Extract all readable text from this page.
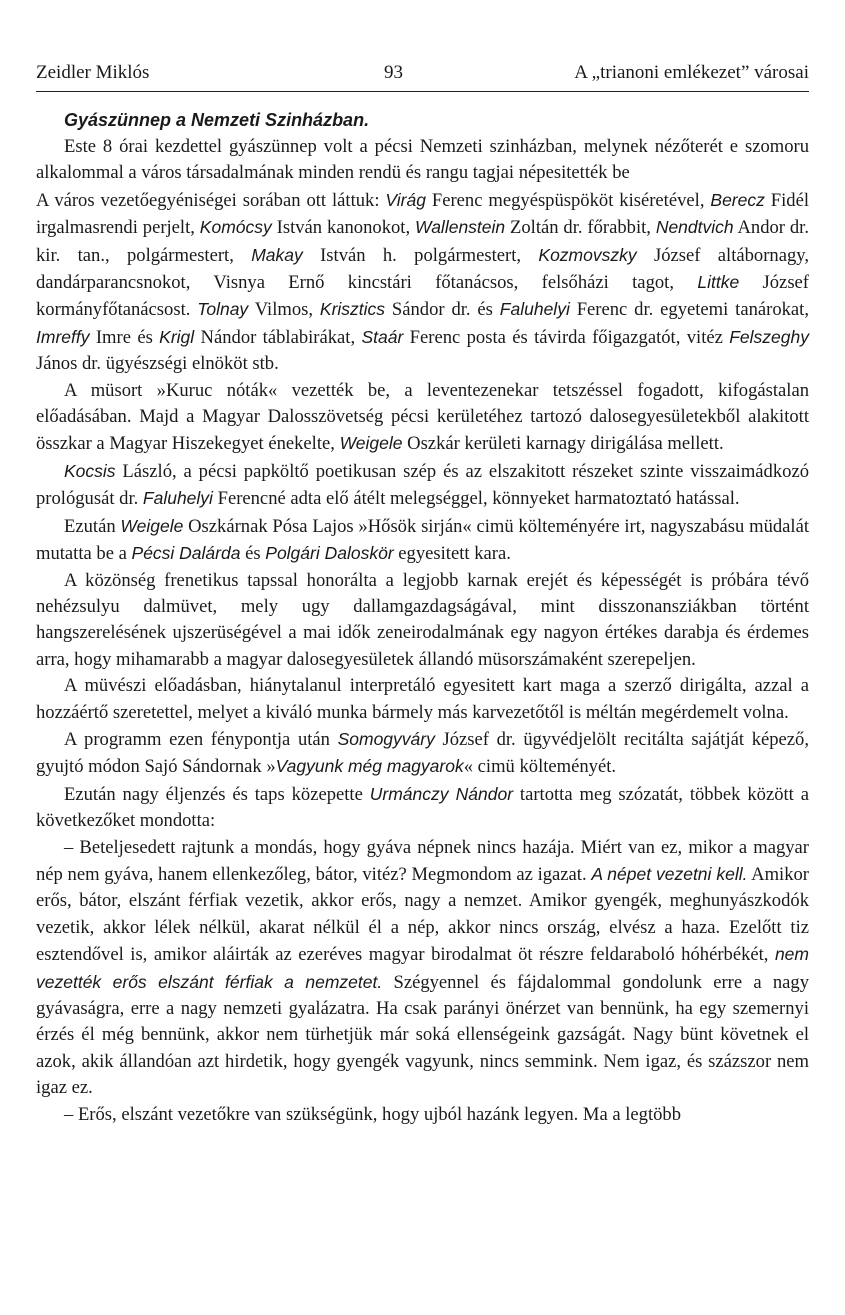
Zeidler Miklós	93	A „trianoni emlékezet” városai
Gyászünnep a Nemzeti Szinházban.

Este 8 órai kezdettel gyászünnep volt a pécsi Nemzeti szinházban, melynek nézőterét e szomoru alkalommal a város társadalmának minden rendü és rangu tagjai népesitették be

A város vezetőegyéniségei sorában ott láttuk: Virág Ferenc megyéspüspököt kiséretével, Berecz Fidél irgalmasrendi perjelt, Komócsy István kanonokot, Wallenstein Zoltán dr. főrabbit, Nendtvich Andor dr. kir. tan., polgármestert, Makay István h. polgármestert, Kozmovszky József altábornagy, dandárparancsnokot, Visnya Ernő kincstári főtanácsos, felsőházi tagot, Littke József kormányfőtanácsost. Tolnay Vilmos, Krisztics Sándor dr. és Faluhelyi Ferenc dr. egyetemi tanárokat, Imreffy Imre és Krigl Nándor táblabirákat, Staár Ferenc posta és távirda főigazgatót, vitéz Felszeghy János dr. ügyészségi elnököt stb.

A müsort »Kuruc nóták« vezették be, a leventezenekar tetszéssel fogadott, kifogástalan előadásában. Majd a Magyar Dalosszövetség pécsi kerületéhez tartozó dalosegyesületekből alakitott összkar a Magyar Hiszekegyet énekelte, Weigele Oszkár kerületi karnagy dirigálása mellett.

Kocsis László, a pécsi papköltő poetikusan szép és az elszakitott részeket szinte visszaimádkozó prológusát dr. Faluhelyi Ferencné adta elő átélt melegséggel, könnyeket harmatoztató hatással.

Ezután Weigele Oszkárnak Pósa Lajos »Hősök sirján« cimü költeményére irt, nagyszabásu müdalát mutatta be a Pécsi Dalárda és Polgári Daloskör egyesitett kara.

A közönség frenetikus tapssal honorálta a legjobb karnak erejét és képességét is próbára tévő nehézsulyu dalmüvet, mely ugy dallamgazdagságával, mint disszonansziákban történt hangszerelésének ujszerüségével a mai idők zeneirodalmának egy nagyon értékes darabja és érdemes arra, hogy mihamarabb a magyar dalosegyesületek állandó müsorszámaként szerepeljen.

A müvészi előadásban, hiánytalanul interpretáló egyesitett kart maga a szerző dirigálta, azzal a hozzáértő szeretettel, melyet a kiváló munka bármely más karvezetőtől is méltán megérdemelt volna.

A programm ezen fénypontja után Somogyváry József dr. ügyvédjelölt recitálta sajátját képező, gyujtó módon Sajó Sándornak »Vagyunk még magyarok« cimü költeményét.

Ezután nagy éljenzés és taps közepette Urmánczy Nándor tartotta meg szózatát, többek között a következőket mondotta:

– Beteljesedett rajtunk a mondás, hogy gyáva népnek nincs hazája. Miért van ez, mikor a magyar nép nem gyáva, hanem ellenkezőleg, bátor, vitéz? Megmondom az igazat. A népet vezetni kell. Amikor erős, bátor, elszánt férfiak vezetik, akkor erős, nagy a nemzet. Amikor gyengék, meghunyászkodók vezetik, akkor lélek nélkül, akarat nélkül él a nép, akkor nincs ország, elvész a haza. Ezelőtt tiz esztendővel is, amikor aláirták az ezeréves magyar birodalmat öt részre feldaraboló hóhérbékét, nem vezették erős elszánt férfiak a nemzetet. Szégyennel és fájdalommal gondolunk erre a nagy gyávaságra, erre a nagy nemzeti gyalázatra. Ha csak parányi önérzet van bennünk, ha egy szemernyi érzés él még bennünk, akkor nem türhetjük már soká ellenségeink gazságát. Nagy bünt követnek el azok, akik állandóan azt hirdetik, hogy gyengék vagyunk, nincs semmink. Nem igaz, és százszor nem igaz ez.

– Erős, elszánt vezetőkre van szükségünk, hogy ujból hazánk legyen. Ma a legtöbb
